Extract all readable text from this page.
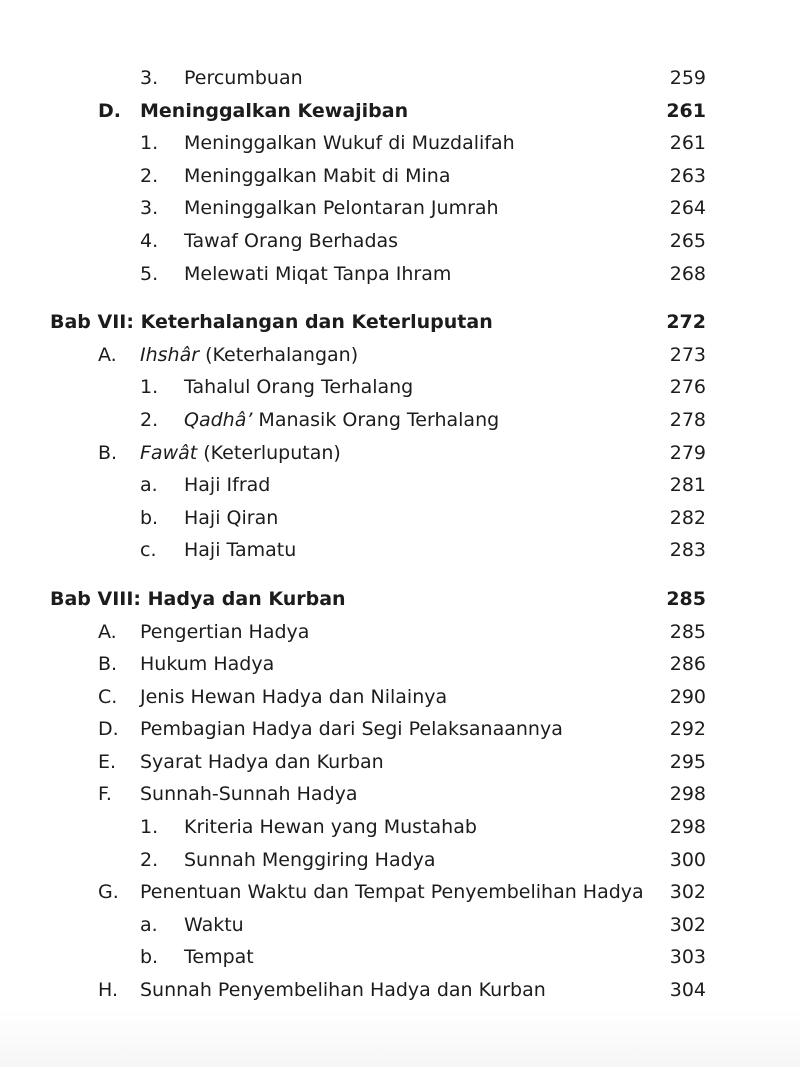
3. Percumbuan	259
D. Meninggalkan Kewajiban	261
1. Meninggalkan Wukuf di Muzdalifah	261
2. Meninggalkan Mabit di Mina	263
3. Meninggalkan Pelontaran Jumrah	264
4. Tawaf Orang Berhadas	265
5. Melewati Miqat Tanpa Ihram	268
Bab VII: Keterhalangan dan Keterluputan	272
A. Ihshâr (Keterhalangan)	273
1. Tahalul Orang Terhalang	276
2. Qadhâ’ Manasik Orang Terhalang	278
B. Fawât (Keterluputan)	279
a. Haji Ifrad	281
b. Haji Qiran	282
c. Haji Tamatu	283
Bab VIII: Hadya dan Kurban	285
A. Pengertian Hadya	285
B. Hukum Hadya	286
C. Jenis Hewan Hadya dan Nilainya	290
D. Pembagian Hadya dari Segi Pelaksanaannya	292
E. Syarat Hadya dan Kurban	295
F. Sunnah-Sunnah Hadya	298
1. Kriteria Hewan yang Mustahab	298
2. Sunnah Menggiring Hadya	300
G. Penentuan Waktu dan Tempat Penyembelihan Hadya 302
a. Waktu	302
b. Tempat	303
H. Sunnah Penyembelihan Hadya dan Kurban	304
